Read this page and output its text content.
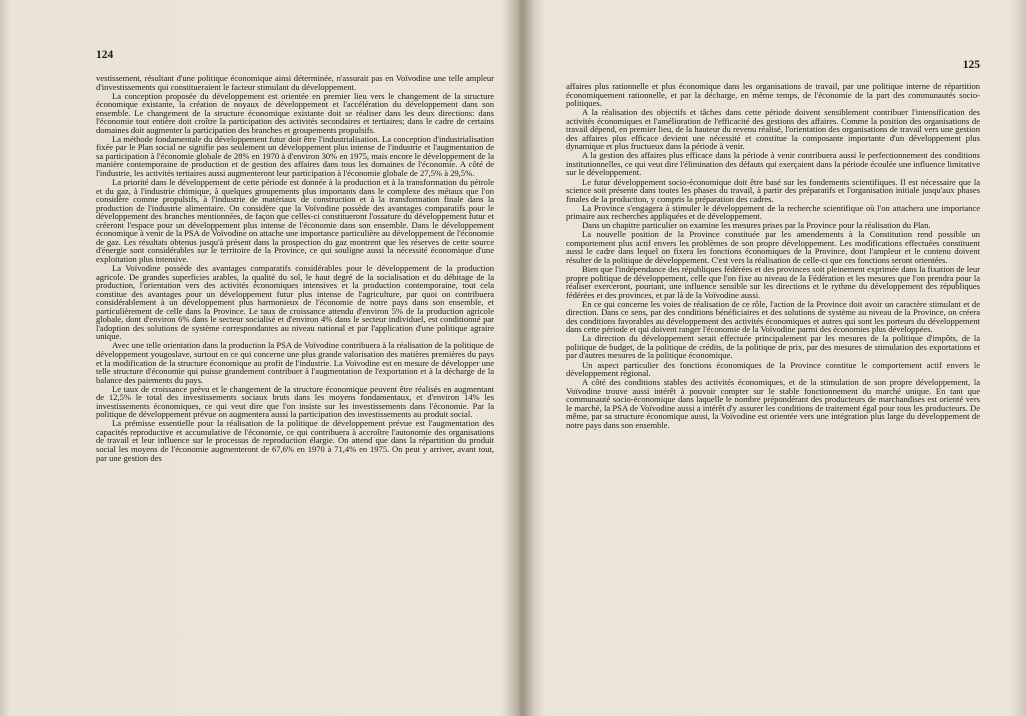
124

vestissement, résultant d'une politique économique ainsi déterminée, n'assurait pas en Voïvodine une telle ampleur d'investissements qui constitueraient le facteur stimulant du développement.

La conception proposée du développement est orientée en premier lieu vers le changement de la structure économique existante, la création de noyaux de développement et l'accélération du développement dans son ensemble. Le changement de la structure économique existante doit se réaliser dans les deux directions: dans l'économie tout entière doit croître la participation des activités secondaires et tertiaires; dans le cadre de certains domaines doit augmenter la participation des branches et groupements propulsifs.

La méthode fondamentale du développement futur doit être l'industrialisation. La conception d'industrialisation fixée par le Plan social ne signifie pas seulement un développement plus intense de l'industrie et l'augmentation de sa participation à l'économie globale de 28% en 1970 à d'environ 30% en 1975, mais encore le développement de la manière contemporaine de production et de gestion des affaires dans tous les domaines de l'économie. A côté de l'industrie, les activités tertiaires aussi augmenteront leur participation à l'économie globale de 27,5% à 29,5%.

La priorité dans le développement de cette période est donnée à la production et à la transformation du pétrole et du gaz, à l'industrie chimique, à quelques groupements plus importants dans le complexe des métaux que l'on considère comme propulsifs, à l'industrie de matériaux de construction et à la transformation finale dans la production de l'industrie alimentaire. On considère que la Voïvodine possède des avantages comparatifs pour le développement des branches mentionnées, de façon que celles-ci constitueront l'ossature du développement futur et créeront l'espace pour un développement plus intense de l'économie dans son ensemble. Dans le développement économique à venir de la PSA de Voïvodine on attache une importance particulière au développement de l'économie de gaz. Les résultats obtenus jusqu'à présent dans la prospection du gaz montrent que les réserves de cette source d'énergie sont considérables sur le territoire de la Province, ce qui souligne aussi la nécessité économique d'une exploitation plus intensive.

La Voïvodine possède des avantages comparatifs considérables pour le développement de la production agricole. De grandes superficies arables, la qualité du sol, le haut degré de la socialisation et du débitage de la production, l'orientation vers des activités économiques intensives et la production contemporaine, tout cela constitue des avantages pour un développement futur plus intense de l'agriculture, par quoi on contribuera considérablement à un développement plus harmonieux de l'économie de notre pays dans son ensemble, et particulièrement de celle dans la Province. Le taux de croissance attendu d'environ 5% de la production agricole globale, dont d'environ 6% dans le secteur socialisé et d'environ 4% dans le secteur individuel, est conditionné par l'adoption des solutions de système correspondantes au niveau national et par l'application d'une politique agraire unique.

Avec une telle orientation dans la production la PSA de Voïvodine contribuera à la réalisation de la politique de développement yougoslave, surtout en ce qui concerne une plus grande valorisation des matières premières du pays et la modification de la structure économique au profit de l'industrie. La Voïvodine est en mesure de développer une telle structure d'économie qui puisse grandement contribuer à l'augmentation de l'exportation et à la décharge de la balance des paiements du pays.

Le taux de croissance prévu et le changement de la structure économique peuvent être réalisés en augmentant de 12,5% le total des investissements sociaux bruts dans les moyens fondamentaux, et d'environ 14% les investissements économiques, ce qui veut dire que l'on insiste sur les investissements dans l'économie. Par la politique de développement prévue on augmentera aussi la participation des investissements au produit social.

La prémisse essentielle pour la réalisation de la politique de développement prévue est l'augmentation des capacités reproductive et accumulative de l'économie, ce qui contribuera à accroître l'autonomie des organisations de travail et leur influence sur le processus de reproduction élargie. On attend que dans la répartition du produit social les moyens de l'économie augmenteront de 67,6% en 1970 à 71,4% en 1975. On peut y arriver, avant tout, par une gestion des

125

affaires plus rationnelle et plus économique dans les organisations de travail, par une politique interne de répartition économiquement rationnelle, et par la décharge, en même temps, de l'économie de la part des communautés socio-politiques.

A la réalisation des objectifs et tâches dans cette période doivent sensiblement contribuer l'intensification des activités économiques et l'amélioration de l'efficacité des gestions des affaires. Comme la position des organisations de travail dépend, en premier lieu, de la hauteur du revenu réalisé, l'orientation des organisations de travail vers une gestion des affaires plus efficace devient une nécessité et constitue la composante importante d'un développement plus dynamique et plus fructueux dans la période à venir.

A la gestion des affaires plus efficace dans la période à venir contribuera aussi le perfectionnement des conditions institutionnelles, ce qui veut dire l'élimination des défauts qui exerçaient dans la période écoulée une influence limitative sur le développement.

Le futur développement socio-économique doit être basé sur les fondements scientifiques. Il est nécessaire que la science soit présente dans toutes les phases du travail, à partir des préparatifs et l'organisation initiale jusqu'aux phases finales de la production, y compris la préparation des cadres.

La Province s'engagera à stimuler le développement de la recherche scientifique où l'on attachera une importance primaire aux recherches appliquées et de développement.

Dans un chapitre particulier on examine les mesures prises par la Province pour la réalisation du Plan.

La nouvelle position de la Province constituée par les amendements à la Constitution rend possible un comportement plus actif envers les problèmes de son propre développement. Les modifications effectuées constituent aussi le cadre dans lequel on fixera les fonctions économiques de la Province, dont l'ampleur et le contenu doivent résulter de la politique de développement. C'est vers la réalisation de celle-ci que ces fonctions seront orientées.

Bien que l'indépendance des républiques fédérées et des provinces soit pleinement exprimée dans la fixation de leur propre politique de développement, celle que l'on fixe au niveau de la Fédération et les mesures que l'on prendra pour la réaliser exerceront, pourtant, une influence sensible sur les directions et le rythme du développement des républiques fédérées et des provinces, et par là de la Voïvodine aussi.

En ce qui concerne les voies de réalisation de ce rôle, l'action de la Province doit avoir un caractère stimulant et de direction. Dans ce sens, par des conditions bénéficiaires et des solutions de système au niveau de la Province, on créera des conditions favorables au développement des activités économiques et autres qui sont les porteurs du développement dans cette période et qui doivent ranger l'économie de la Voïvodine parmi des économies plus développées.

La direction du développement serait effectuée principalement par les mesures de la politique d'impôts, de la politique de budget, de la politique de crédits, de la politique de prix, par des mesures de stimulation des exportations et par d'autres mesures de la politique économique.

Un aspect particulier des fonctions économiques de la Province constitue le comportement actif envers le développement régional.

A côté des conditions stables des activités économiques, et de la stimulation de son propre développement, la Voïvodine trouve aussi intérêt à pouvoir compter sur le stable fonctionnement du marché unique. En tant que communauté socio-économique dans laquelle le nombre prépondérant des producteurs de marchandises est orienté vers le marché, la PSA de Voïvodine aussi a intérêt d'y assurer les conditions de traitement égal pour tous les producteurs. De même, par sa structure économique aussi, la Voïvodine est orientée vers une intégration plus large du développement de notre pays dans son ensemble.
